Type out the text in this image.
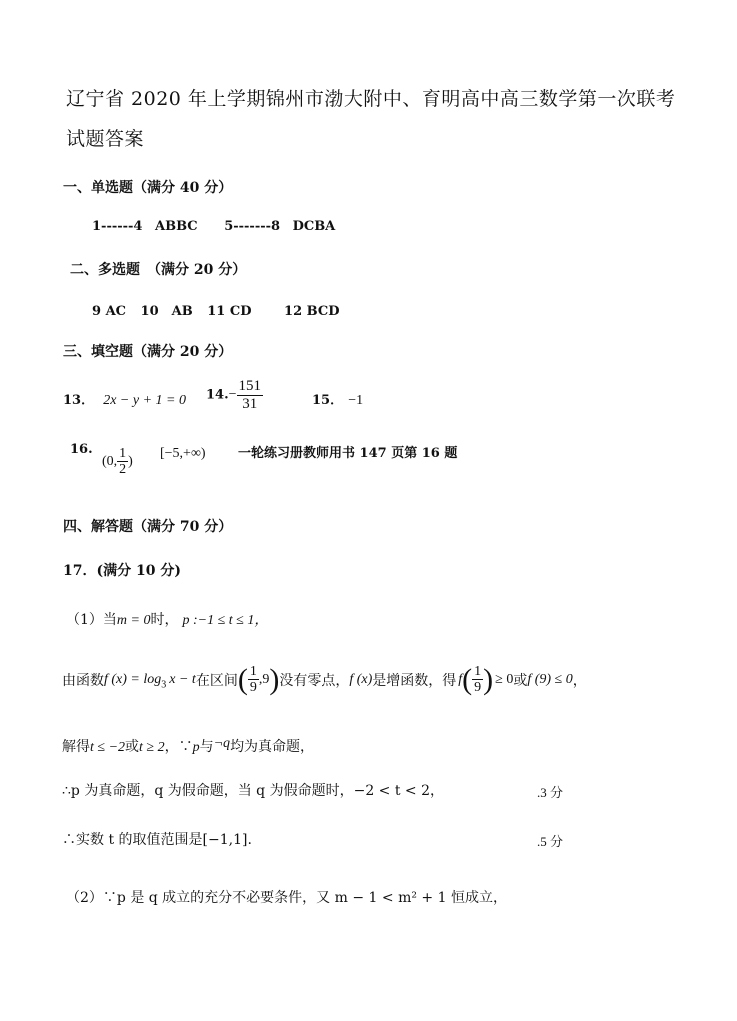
辽宁省 2020 年上学期锦州市渤大附中、育明高中高三数学第一次联考
试题答案
一、单选题（满分 40 分）
1------4 ABBC 5-------8 DCBA
二、多选题　（满分 20 分）
9 AC 10　AB 11 CD	12 BCD
三、填空题（满分 20 分）
13． 2x − y + 1 = 0 $14.- \frac{151}{31}$	15． −1
16.
(0, $\frac{1}{2}$ )
[−5,+∞) 一轮练习册教师用书 147 页第 16 题
四、解答题（满分 70 分）
17．(满分 10 分)
（1）当m = 0时， p :−1 ≤ t ≤ 1，
由函数f $(x) = \log_3 x - t$在区间( $\frac{1}{9} ,9$)没有零点，f (x)是增函数，得 $f( \frac{1}{9}$ ) ≥ 0或f (9) ≤ 0，
解得t ≤ −2或t ≥ 2，∵p与¬q均为真命题，
∴p 为真命题，q 为假命题，当 q 为假命题时，−2 < t < 2，	.3 分
∴实数 t 的取值范围是[−1,1].	.5 分
（2）∵p 是 q 成立的充分不必要条件，又 m − 1 < m² + 1 恒成立，
